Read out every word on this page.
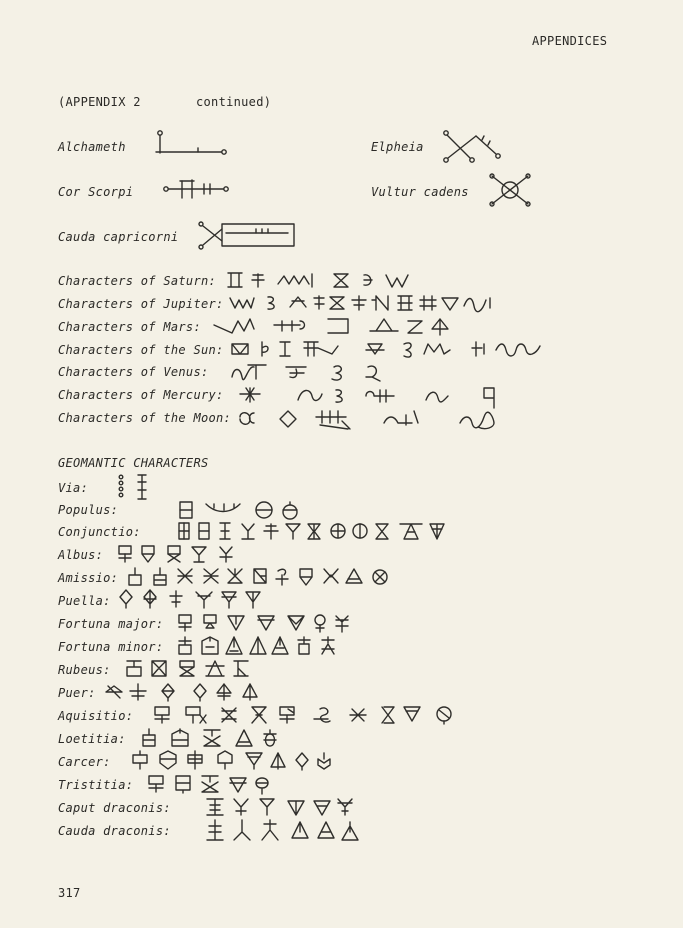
APPENDICES
(APPENDIX 2	continued)
Alchameth	Elpheia
Cor Scorpi	Vultur cadens
Cauda capricorni
Characters of Saturn:
Characters of Jupiter:
Characters of Mars:
Characters of the Sun:
Characters of Venus:
Characters of Mercury:
Characters of the Moon:
GEOMANTIC CHARACTERS
Via:
Populus:
Conjunctio:
Albus:
Amissio:
Puella:
Fortuna major:
Fortuna minor:
Rubeus:
Puer:
Aquisitio:
Loetitia:
Carcer:
Tristitia:
Caput draconis:
Cauda draconis:
317
